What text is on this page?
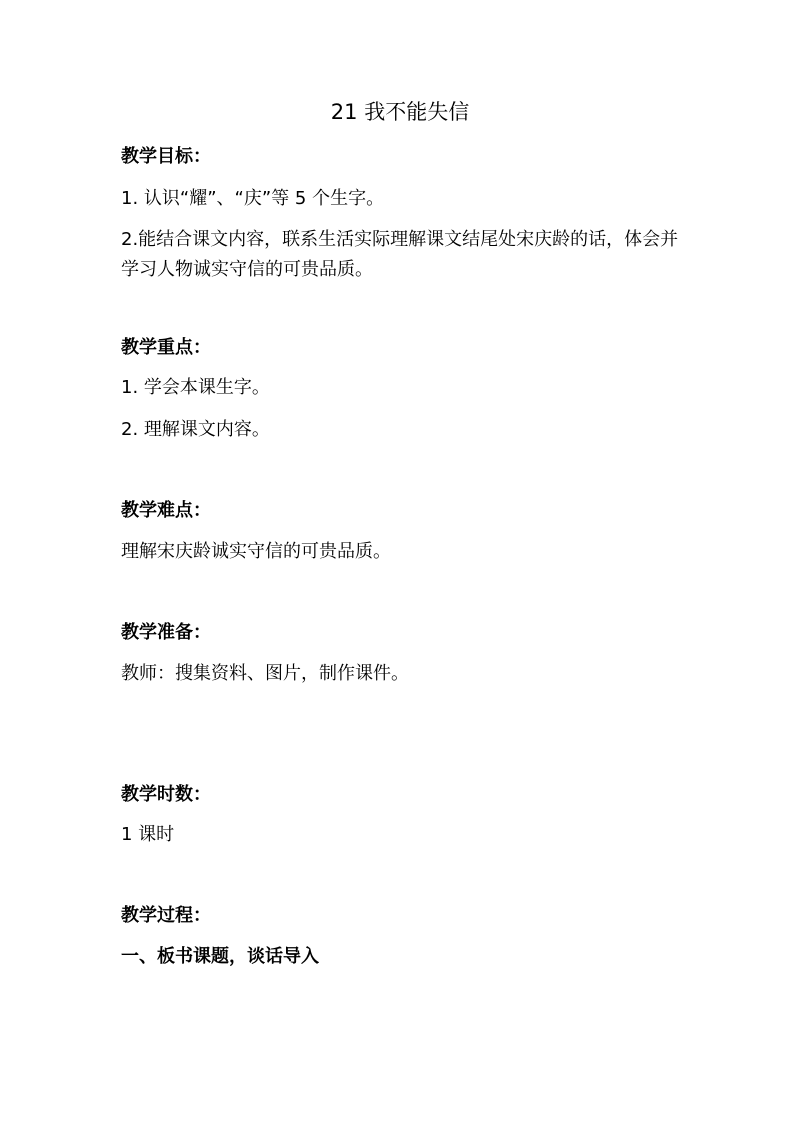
21 我不能失信
教学目标：
1. 认识“耀”、“庆”等 5 个生字。
2.能结合课文内容，联系生活实际理解课文结尾处宋庆龄的话，体会并学习人物诚实守信的可贵品质。
教学重点：
1. 学会本课生字。
2. 理解课文内容。
教学难点：
理解宋庆龄诚实守信的可贵品质。
教学准备：
教师：搜集资料、图片，制作课件。
教学时数：
1 课时
教学过程：
一、板书课题，谈话导入
